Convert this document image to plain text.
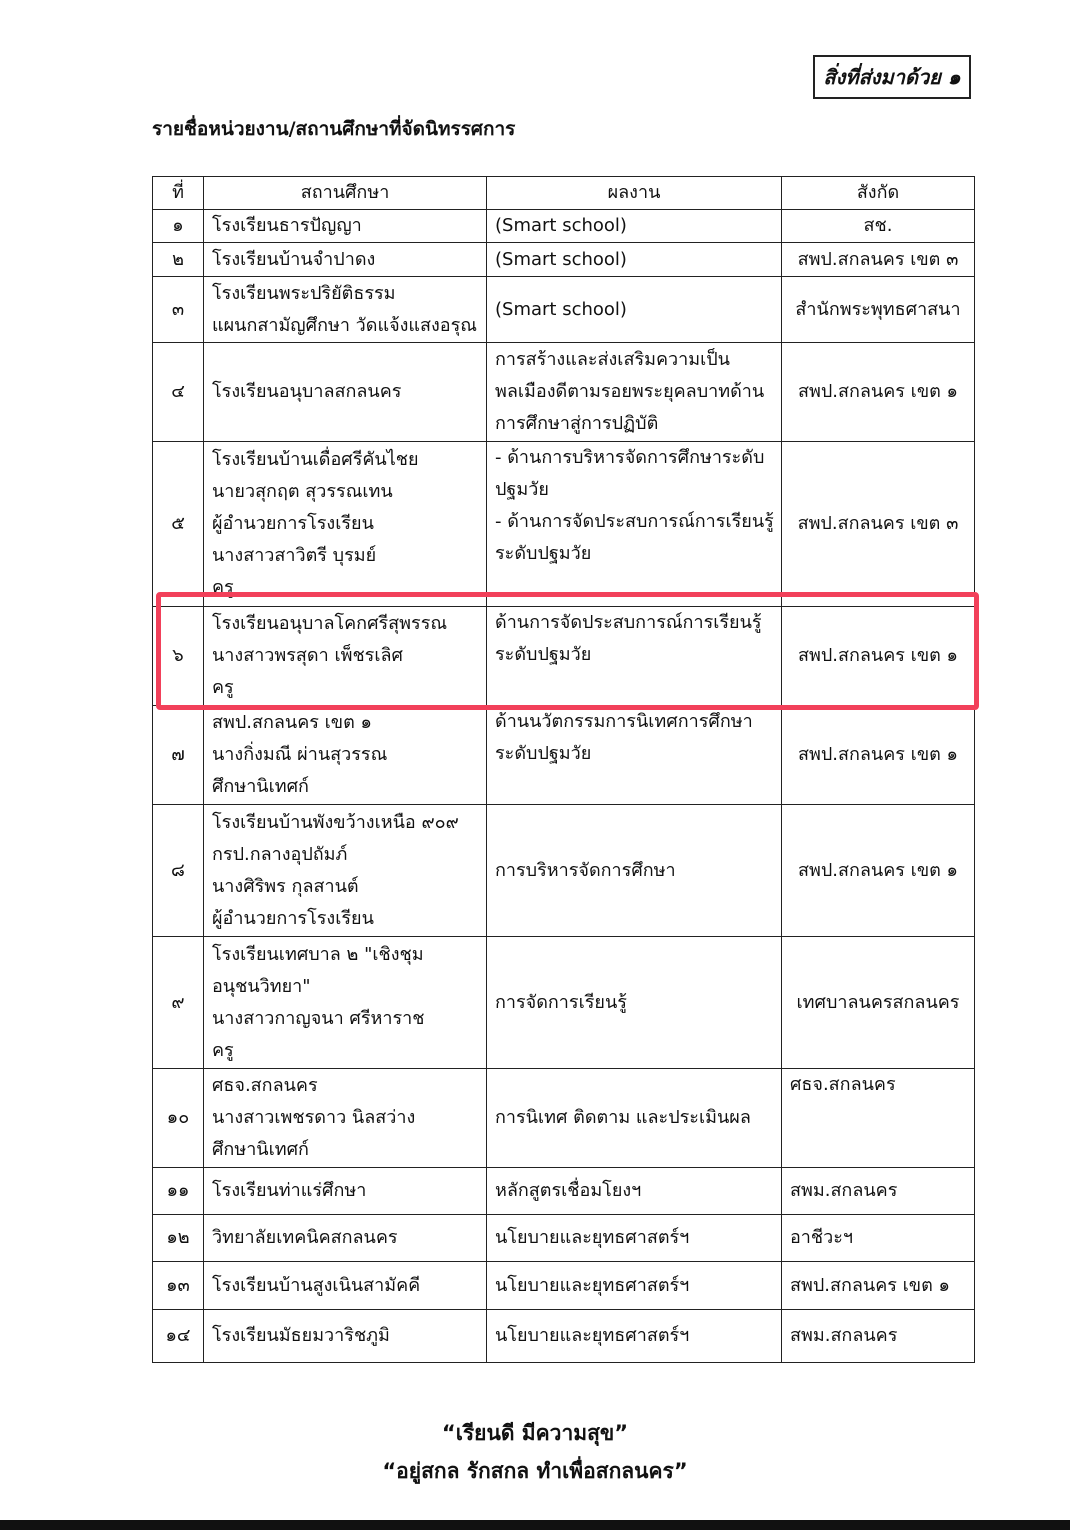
สิ่งที่ส่งมาด้วย ๑
รายชื่อหน่วยงาน/สถานศึกษาที่จัดนิทรรศการ
ที่	สถานศึกษา	ผลงาน	สังกัด
๑	โรงเรียนธารปัญญา	(Smart school)	สช.
๒	โรงเรียนบ้านจำปาดง	(Smart school)	สพป.สกลนคร เขต ๓
๓	โรงเรียนพระปริยัติธรรม
แผนกสามัญศึกษา วัดแจ้งแสงอรุณ	(Smart school)	สำนักพระพุทธศาสนา
๔	โรงเรียนอนุบาลสกลนคร	การสร้างและส่งเสริมความเป็น
พลเมืองดีตามรอยพระยุคลบาทด้าน
การศึกษาสู่การปฏิบัติ	สพป.สกลนคร เขต ๑
๕	โรงเรียนบ้านเดื่อศรีคันไชย
นายวสุกฤต สุวรรณเทน
ผู้อำนวยการโรงเรียน
นางสาวสาวิตรี บุรมย์
ครู	- ด้านการบริหารจัดการศึกษาระดับ
ปฐมวัย
- ด้านการจัดประสบการณ์การเรียนรู้
ระดับปฐมวัย	สพป.สกลนคร เขต ๓
๖	โรงเรียนอนุบาลโคกศรีสุพรรณ
นางสาวพรสุดา เพ็ชรเลิศ
ครู	ด้านการจัดประสบการณ์การเรียนรู้
ระดับปฐมวัย	สพป.สกลนคร เขต ๑
๗	สพป.สกลนคร เขต ๑
นางกิ่งมณี ผ่านสุวรรณ
ศึกษานิเทศก์	ด้านนวัตกรรมการนิเทศการศึกษา
ระดับปฐมวัย	สพป.สกลนคร เขต ๑
๘	โรงเรียนบ้านพังขว้างเหนือ ๙๐๙
กรป.กลางอุปถัมภ์
นางศิริพร กุลสานต์
ผู้อำนวยการโรงเรียน	การบริหารจัดการศึกษา	สพป.สกลนคร เขต ๑
๙	โรงเรียนเทศบาล ๒ "เชิงชุม
อนุชนวิทยา"
นางสาวกาญจนา ศรีหาราช
ครู	การจัดการเรียนรู้	เทศบาลนครสกลนคร
๑๐	ศธจ.สกลนคร
นางสาวเพชรดาว นิลสว่าง
ศึกษานิเทศก์	การนิเทศ ติดตาม และประเมินผล	ศธจ.สกลนคร
๑๑	โรงเรียนท่าแร่ศึกษา	หลักสูตรเชื่อมโยงฯ	สพม.สกลนคร
๑๒	วิทยาลัยเทคนิคสกลนคร	นโยบายและยุทธศาสตร์ฯ	อาชีวะฯ
๑๓	โรงเรียนบ้านสูงเนินสามัคคี	นโยบายและยุทธศาสตร์ฯ	สพป.สกลนคร เขต ๑
๑๔	โรงเรียนมัธยมวาริชภูมิ	นโยบายและยุทธศาสตร์ฯ	สพม.สกลนคร
“เรียนดี มีความสุข”
“อยู่สกล รักสกล ทำเพื่อสกลนคร”
